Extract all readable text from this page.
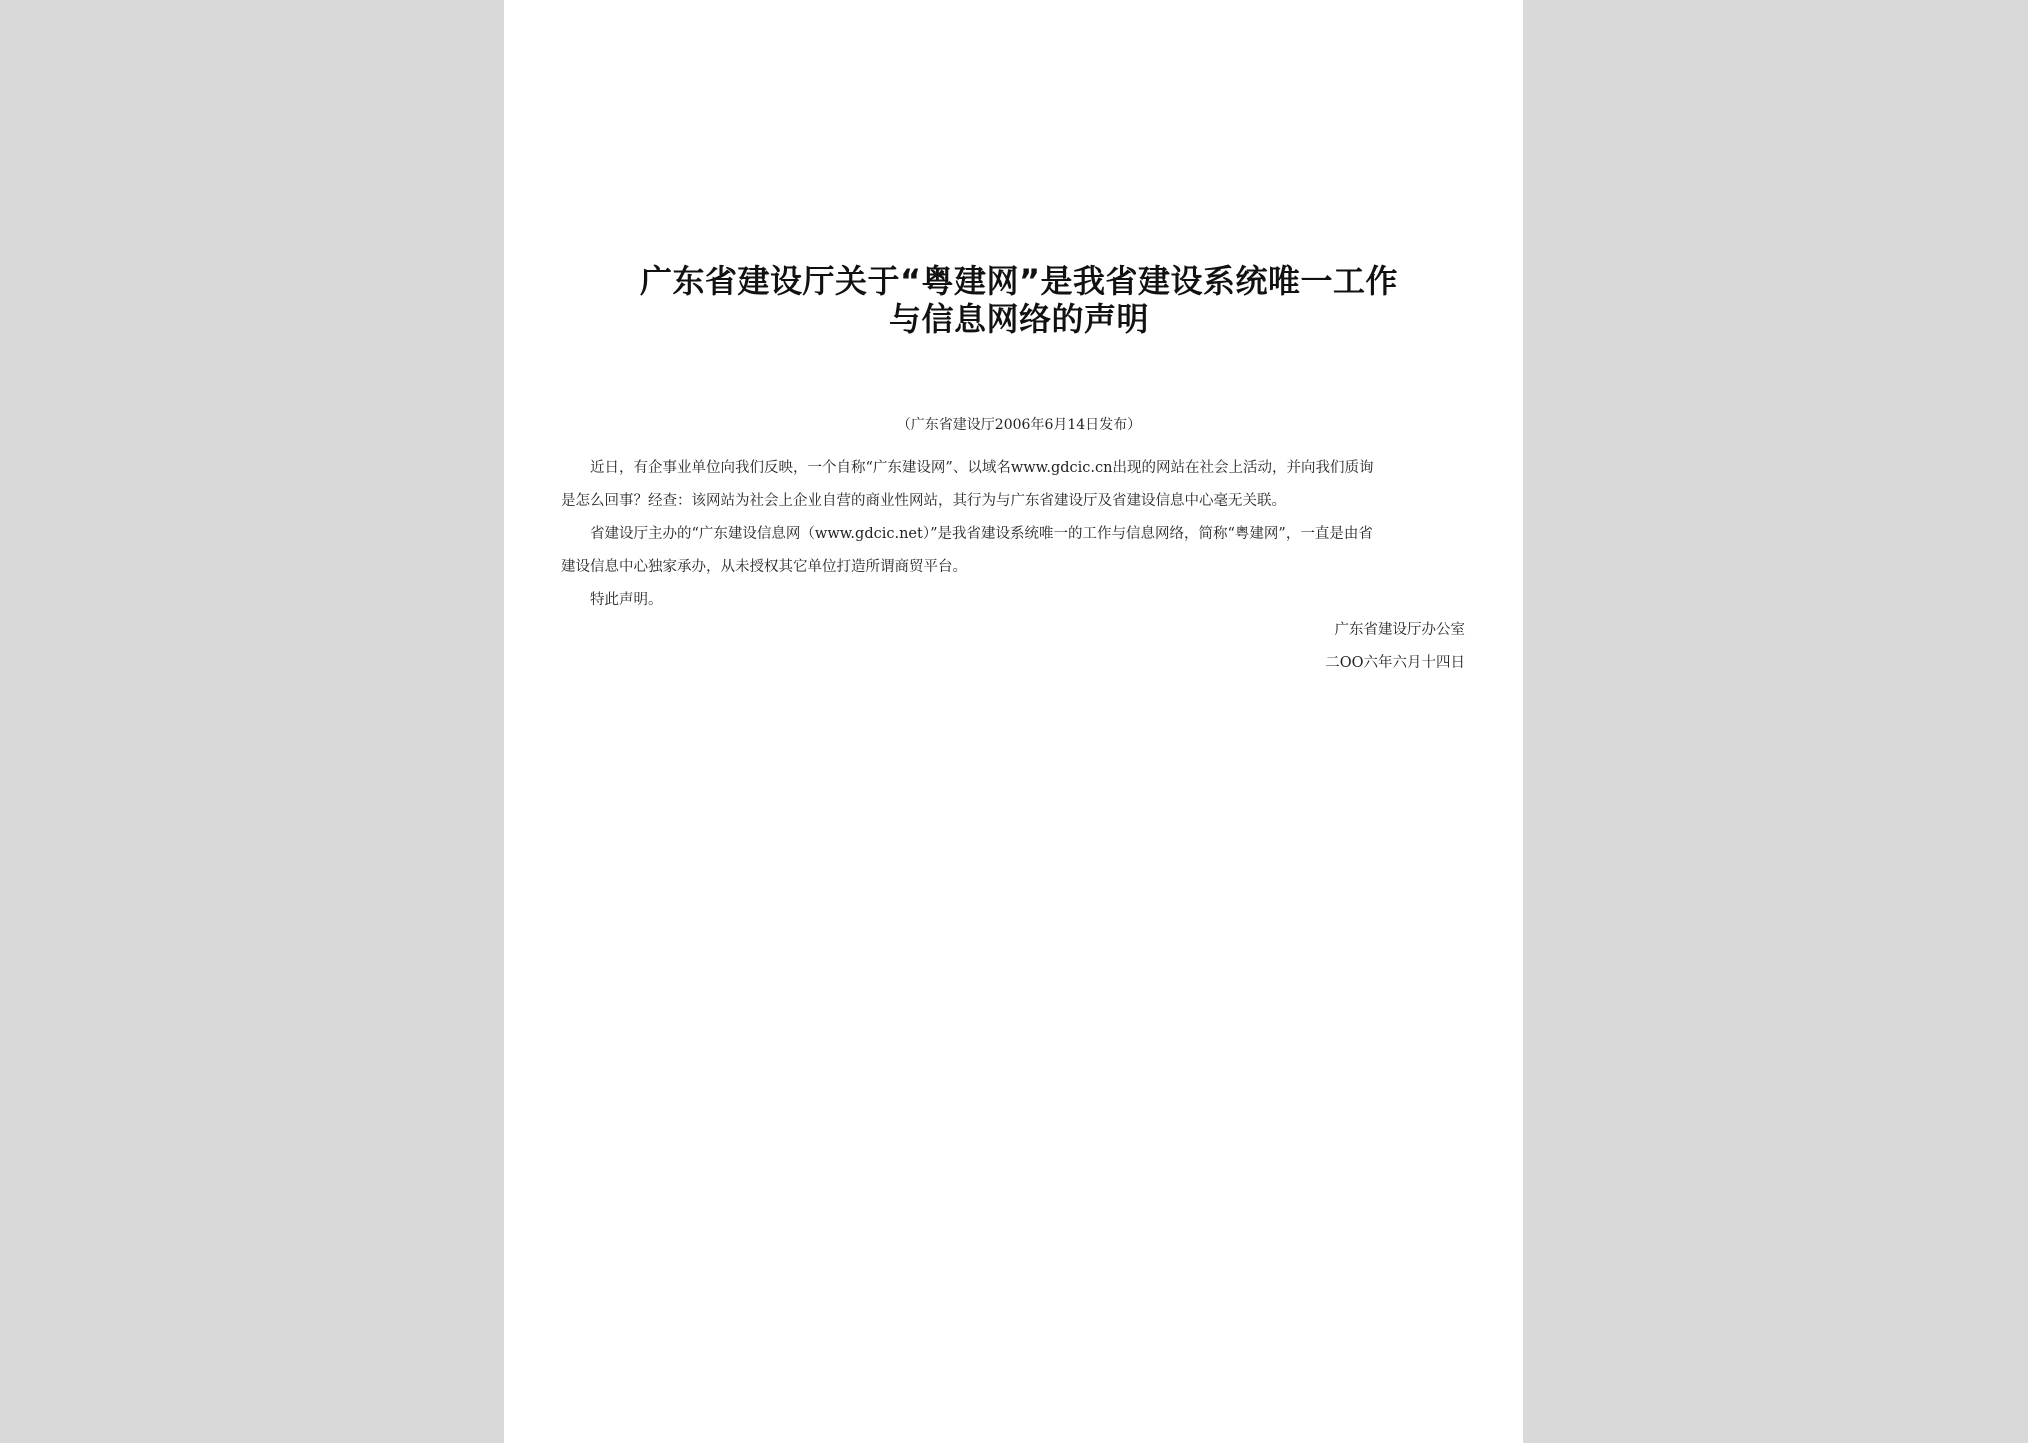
广东省建设厅关于“粤建网”是我省建设系统唯一工作
与信息网络的声明
（广东省建设厅2006年6月14日发布）
近日，有企事业单位向我们反映，一个自称“广东建设网”、以域名www.gdcic.cn出现的网站在社会上活动，并向我们质询
是怎么回事？经查：该网站为社会上企业自营的商业性网站，其行为与广东省建设厅及省建设信息中心毫无关联。
省建设厅主办的“广东建设信息网（www.gdcic.net）”是我省建设系统唯一的工作与信息网络，简称“粤建网”，一直是由省
建设信息中心独家承办，从未授权其它单位打造所谓商贸平台。
特此声明。
广东省建设厅办公室
二OO六年六月十四日
